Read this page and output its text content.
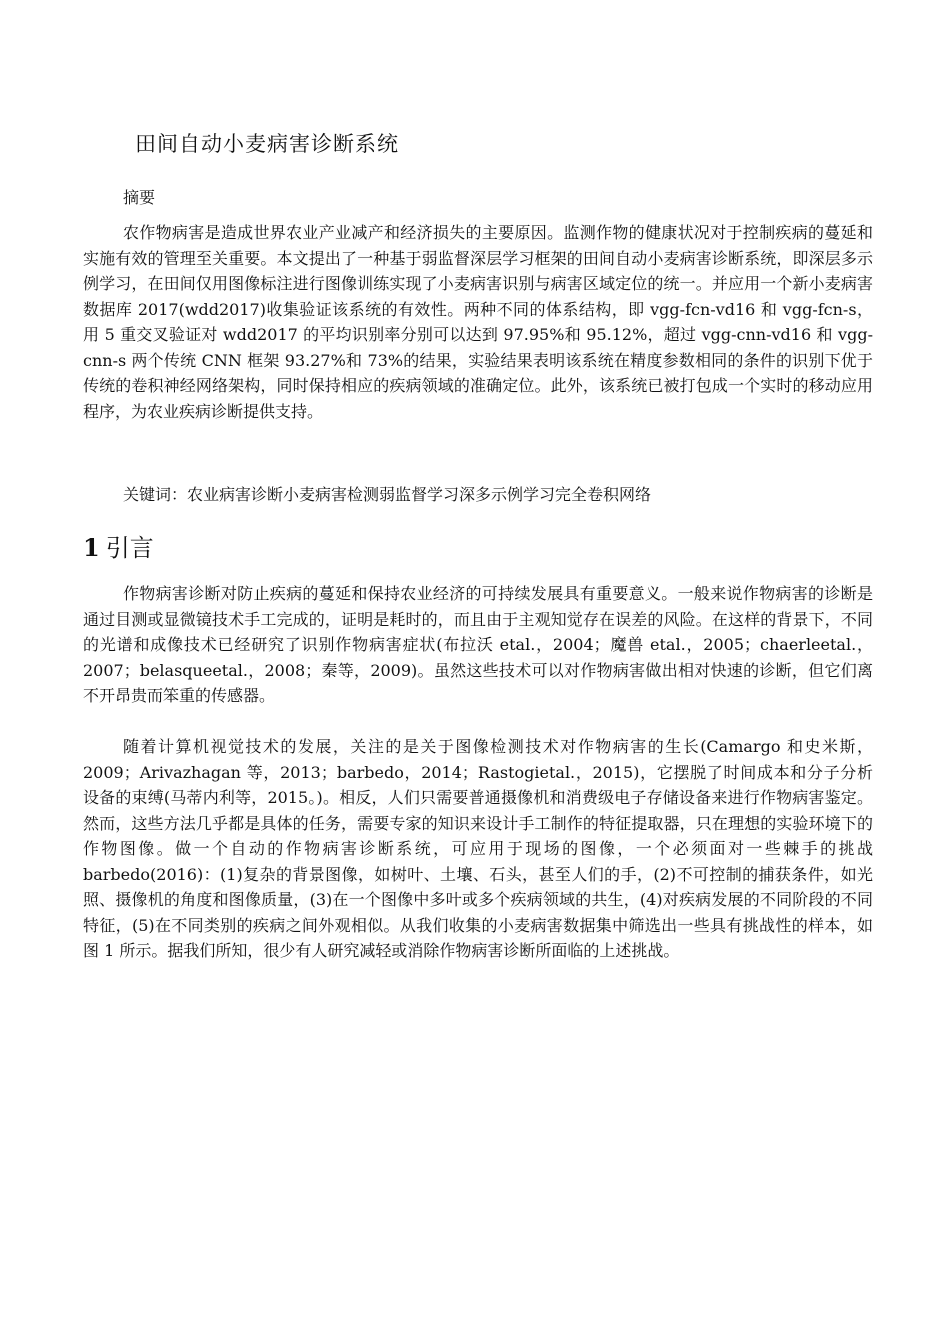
田间自动小麦病害诊断系统

摘要

农作物病害是造成世界农业产业减产和经济损失的主要原因。监测作物的健康状况对于控制疾病的蔓延和实施有效的管理至关重要。本文提出了一种基于弱监督深层学习框架的田间自动小麦病害诊断系统，即深层多示例学习，在田间仅用图像标注进行图像训练实现了小麦病害识别与病害区域定位的统一。并应用一个新小麦病害数据库 2017(wdd2017)收集验证该系统的有效性。两种不同的体系结构，即 vgg-fcn-vd16 和 vgg-fcn-s，用 5 重交叉验证对 wdd2017 的平均识别率分别可以达到 97.95%和 95.12%，超过 vgg-cnn-vd16 和 vgg-cnn-s 两个传统 CNN 框架 93.27%和 73%的结果，实验结果表明该系统在精度参数相同的条件的识别下优于传统的卷积神经网络架构，同时保持相应的疾病领域的准确定位。此外，该系统已被打包成一个实时的移动应用程序，为农业疾病诊断提供支持。

关键词：农业病害诊断小麦病害检测弱监督学习深多示例学习完全卷积网络

1 引言

作物病害诊断对防止疾病的蔓延和保持农业经济的可持续发展具有重要意义。一般来说作物病害的诊断是通过目测或显微镜技术手工完成的，证明是耗时的，而且由于主观知觉存在误差的风险。在这样的背景下，不同的光谱和成像技术已经研究了识别作物病害症状(布拉沃 etal.，2004；魔兽 etal.，2005；chaerleetal.，2007；belasqueetal.，2008；秦等，2009)。虽然这些技术可以对作物病害做出相对快速的诊断，但它们离不开昂贵而笨重的传感器。

随着计算机视觉技术的发展，关注的是关于图像检测技术对作物病害的生长(Camargo 和史米斯，2009；Arivazhagan 等，2013；barbedo，2014；Rastogietal.，2015)，它摆脱了时间成本和分子分析设备的束缚(马蒂内利等，2015。)。相反，人们只需要普通摄像机和消费级电子存储设备来进行作物病害鉴定。然而，这些方法几乎都是具体的任务，需要专家的知识来设计手工制作的特征提取器，只在理想的实验环境下的作物图像。做一个自动的作物病害诊断系统，可应用于现场的图像，一个必须面对一些棘手的挑战 barbedo(2016)：(1)复杂的背景图像，如树叶、土壤、石头，甚至人们的手，(2)不可控制的捕获条件，如光照、摄像机的角度和图像质量，(3)在一个图像中多叶或多个疾病领域的共生，(4)对疾病发展的不同阶段的不同特征，(5)在不同类别的疾病之间外观相似。从我们收集的小麦病害数据集中筛选出一些具有挑战性的样本，如图 1 所示。据我们所知，很少有人研究减轻或消除作物病害诊断所面临的上述挑战。
